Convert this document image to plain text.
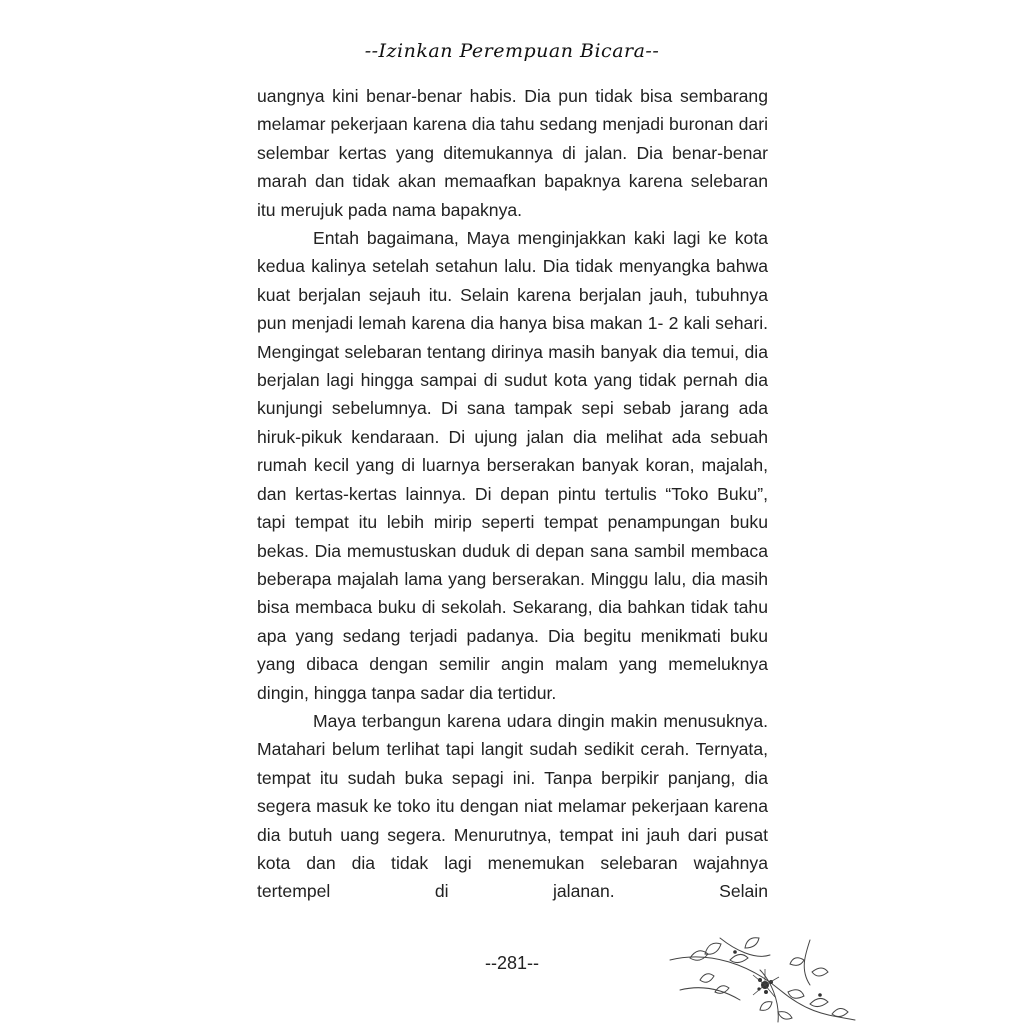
--Izinkan Perempuan Bicara--

uangnya kini benar-benar habis. Dia pun tidak bisa sembarang melamar pekerjaan karena dia tahu sedang menjadi buronan dari selembar kertas yang ditemukannya di jalan. Dia benar-benar marah dan tidak akan memaafkan bapaknya karena selebaran itu merujuk pada nama bapaknya.

Entah bagaimana, Maya menginjakkan kaki lagi ke kota kedua kalinya setelah setahun lalu. Dia tidak menyangka bahwa kuat berjalan sejauh itu. Selain karena berjalan jauh, tubuhnya pun menjadi lemah karena dia hanya bisa makan 1- 2 kali sehari. Mengingat selebaran tentang dirinya masih banyak dia temui, dia berjalan lagi hingga sampai di sudut kota yang tidak pernah dia kunjungi sebelumnya. Di sana tampak sepi sebab jarang ada hiruk-pikuk kendaraan. Di ujung jalan dia melihat ada sebuah rumah kecil yang di luarnya berserakan banyak koran, majalah, dan kertas-kertas lainnya. Di depan pintu tertulis “Toko Buku”, tapi tempat itu lebih mirip seperti tempat penampungan buku bekas. Dia memustuskan duduk di depan sana sambil membaca beberapa majalah lama yang berserakan. Minggu lalu, dia masih bisa membaca buku di sekolah. Sekarang, dia bahkan tidak tahu apa yang sedang terjadi padanya. Dia begitu menikmati buku yang dibaca dengan semilir angin malam yang memeluknya dingin, hingga tanpa sadar dia tertidur.

Maya terbangun karena udara dingin makin menusuknya. Matahari belum terlihat tapi langit sudah sedikit cerah. Ternyata, tempat itu sudah buka sepagi ini. Tanpa berpikir panjang, dia segera masuk ke toko itu dengan niat melamar pekerjaan karena dia butuh uang segera. Menurutnya, tempat ini jauh dari pusat kota dan dia tidak lagi menemukan selebaran wajahnya tertempel di jalanan. Selain

--281--
